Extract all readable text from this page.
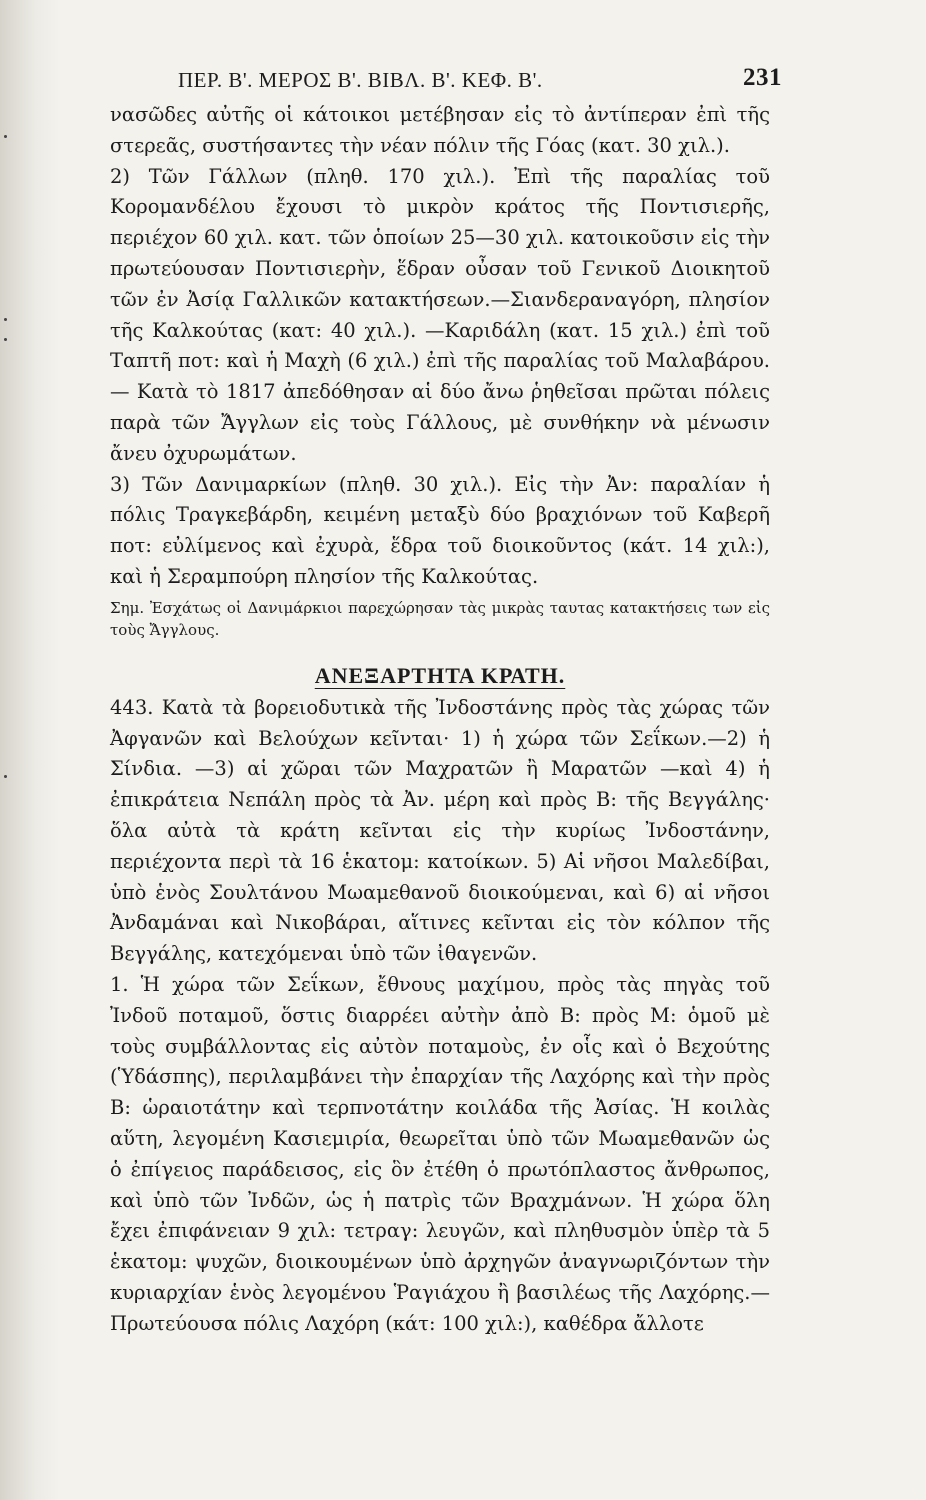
ΠΕΡ. Β'. ΜΕΡΟΣ Β'. ΒΙΒΛ. Β'. ΚΕΦ. Β'.	231

νασῶδες αὐτῆς οἱ κάτοικοι μετέβησαν εἰς τὸ ἀντίπεραν ἐπὶ τῆς στερεᾶς, συστήσαντες τὴν νέαν πόλιν τῆς Γόας (κατ. 30 χιλ.).

2) Τῶν Γάλλων (πληθ. 170 χιλ.). Ἐπὶ τῆς παραλίας τοῦ Κορομανδέλου ἔχουσι τὸ μικρὸν κράτος τῆς Ποντισιερῆς, περιέχον 60 χιλ. κατ. τῶν ὁποίων 25—30 χιλ. κατοικοῦσιν εἰς τὴν πρωτεύουσαν Ποντισιερὴν, ἕδραν οὖσαν τοῦ Γενικοῦ Διοικητοῦ τῶν ἐν Ἀσίᾳ Γαλλικῶν κατακτήσεων.—Σιανδεραναγόρη, πλησίον τῆς Καλκούτας (κατ: 40 χιλ.). —Καριδάλη (κατ. 15 χιλ.) ἐπὶ τοῦ Ταπτῆ ποτ: καὶ ἡ Μαχὴ (6 χιλ.) ἐπὶ τῆς παραλίας τοῦ Μαλαβάρου. — Κατὰ τὸ 1817 ἀπεδόθησαν αἱ δύο ἄνω ῥηθεῖσαι πρῶται πόλεις παρὰ τῶν Ἄγγλων εἰς τοὺς Γάλλους, μὲ συνθήκην νὰ μένωσιν ἄνευ ὀχυρωμάτων.

3) Τῶν Δανιμαρκίων (πληθ. 30 χιλ.). Εἰς τὴν Ἀν: παραλίαν ἡ πόλις Τραγκεβάρδη, κειμένη μεταξὺ δύο βραχιόνων τοῦ Καβερῆ ποτ: εὐλίμενος καὶ ἐχυρὰ, ἕδρα τοῦ διοικοῦντος (κάτ. 14 χιλ:), καὶ ἡ Σεραμπούρη πλησίον τῆς Καλκούτας.

Σημ. Ἐσχάτως οἱ Δανιμάρκιοι παρεχώρησαν τὰς μικρὰς ταυτας κατακτήσεις των εἰς τοὺς Ἄγγλους.

ΑΝΕΞΑΡΤΗΤΑ ΚΡΑΤΗ.

443. Κατὰ τὰ βορειοδυτικὰ τῆς Ἰνδοστάνης πρὸς τὰς χώρας τῶν Ἀφγανῶν καὶ Βελούχων κεῖνται· 1) ἡ χώρα τῶν Σεΐκων.—2) ἡ Σίνδια. —3) αἱ χῶραι τῶν Μαχρατῶν ἢ Μαρατῶν —καὶ 4) ἡ ἐπικράτεια Νεπάλη πρὸς τὰ Ἀν. μέρη καὶ πρὸς Β: τῆς Βεγγάλης· ὅλα αὐτὰ τὰ κράτη κεῖνται εἰς τὴν κυρίως Ἰνδοστάνην, περιέχοντα περὶ τὰ 16 ἑκατομ: κατοίκων. 5) Αἱ νῆσοι Μαλεδίβαι, ὑπὸ ἑνὸς Σουλτάνου Μωαμεθανοῦ διοικούμεναι, καὶ 6) αἱ νῆσοι Ἀνδαμάναι καὶ Νικοβάραι, αἵτινες κεῖνται εἰς τὸν κόλπον τῆς Βεγγάλης, κατεχόμεναι ὑπὸ τῶν ἰθαγενῶν.

1. Ἡ χώρα τῶν Σεΐκων, ἔθνους μαχίμου, πρὸς τὰς πηγὰς τοῦ Ἰνδοῦ ποταμοῦ, ὅστις διαρρέει αὐτὴν ἀπὸ Β: πρὸς Μ: ὁμοῦ μὲ τοὺς συμβάλλοντας εἰς αὐτὸν ποταμοὺς, ἐν οἷς καὶ ὁ Βεχούτης (Ὑδάσπης), περιλαμβάνει τὴν ἐπαρχίαν τῆς Λαχόρης καὶ τὴν πρὸς Β: ὡραιοτάτην καὶ τερπνοτάτην κοιλάδα τῆς Ἀσίας. Ἡ κοιλὰς αὕτη, λεγομένη Κασιεμιρία, θεωρεῖται ὑπὸ τῶν Μωαμεθανῶν ὡς ὁ ἐπίγειος παράδεισος, εἰς ὃν ἐτέθη ὁ πρωτόπλαστος ἄνθρωπος, καὶ ὑπὸ τῶν Ἰνδῶν, ὡς ἡ πατρὶς τῶν Βραχμάνων. Ἡ χώρα ὅλη ἔχει ἐπιφάνειαν 9 χιλ: τετραγ: λευγῶν, καὶ πληθυσμὸν ὑπὲρ τὰ 5 ἑκατομ: ψυχῶν, διοικουμένων ὑπὸ ἀρχηγῶν ἀναγνωριζόντων τὴν κυριαρχίαν ἑνὸς λεγομένου Ῥαγιάχου ἢ βασιλέως τῆς Λαχόρης.— Πρωτεύουσα πόλις Λαχόρη (κάτ: 100 χιλ:), καθέδρα ἄλλοτε
